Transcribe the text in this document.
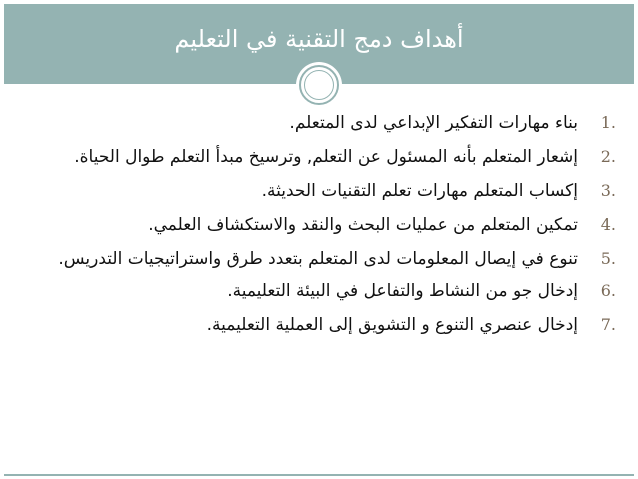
أهداف دمج التقنية في التعليم
1.
بناء مهارات التفكير الإبداعي لدى المتعلم.
2.
إشعار المتعلم بأنه المسئول عن التعلم, وترسيخ مبدأ التعلم طوال الحياة.
3.
إكساب المتعلم مهارات تعلم التقنيات الحديثة.
4.
تمكين المتعلم من عمليات البحث والنقد والاستكشاف العلمي.
5.
تنوع في إيصال المعلومات لدى المتعلم بتعدد طرق واستراتيجيات التدريس.
6.
إدخال جو من النشاط والتفاعل في البيئة التعليمية.
7.
إدخال عنصري التنوع و التشويق إلى العملية التعليمية.
